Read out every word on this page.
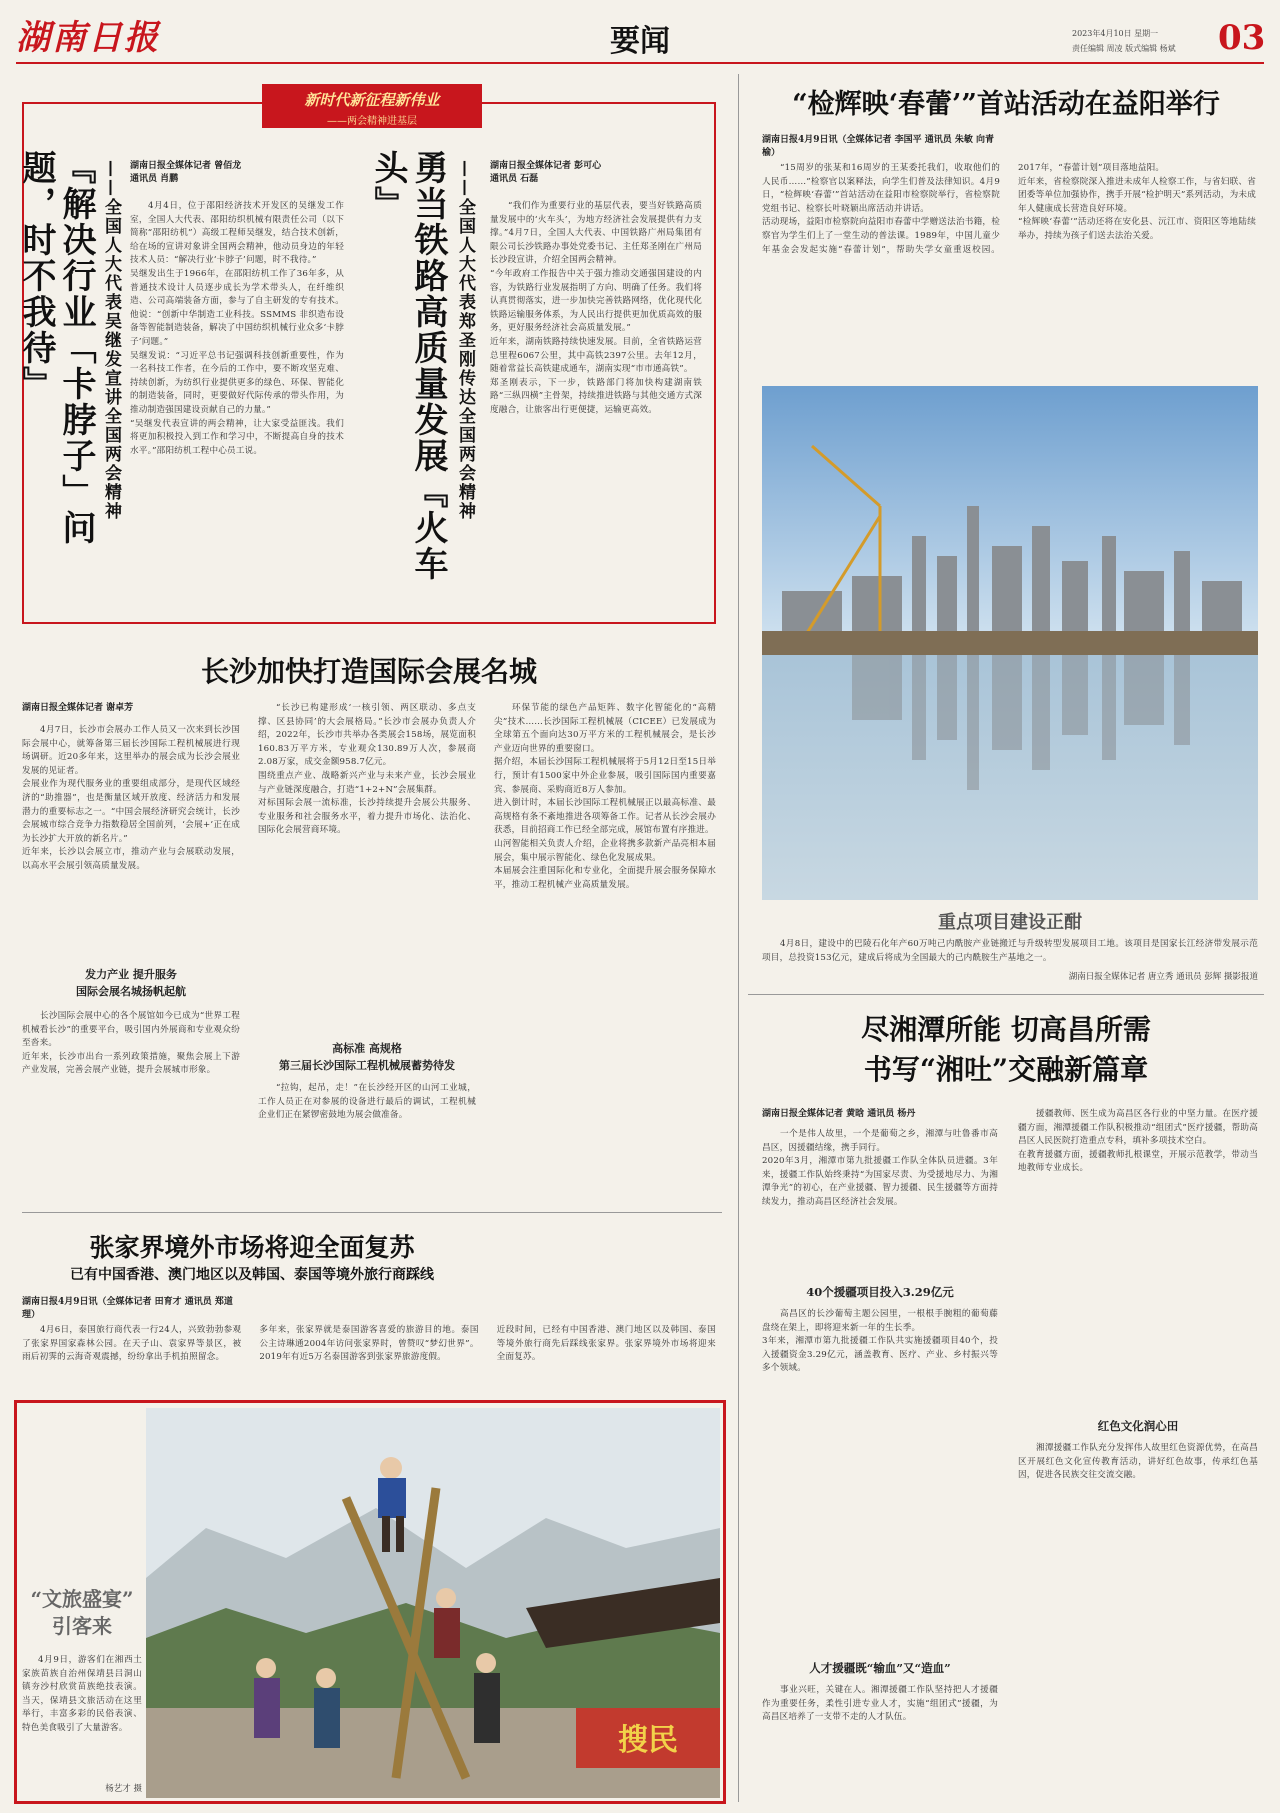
湖南日报	要闻	2023年4月10日 星期一
责任编辑 周凌 版式编辑 杨斌	03
新时代新征程新伟业
——两会精神进基层
『解决行业「卡脖子」问题，时不我待』	——全国人大代表吴继发宣讲全国两会精神 湖南日报全媒体记者 曾佰龙
通讯员 肖鹏
4月4日，位于邵阳经济技术开发区的吴继发工作室，全国人大代表、邵阳纺织机械有限责任公司（以下简称“邵阳纺机”）高级工程师吴继发，结合技术创新，给在场的宣讲对象讲全国两会精神，他动员身边的年轻技术人员：“解决行业‘卡脖子’问题，时不我待。”
吴继发出生于1966年，在邵阳纺机工作了36年多，从普通技术设计人员逐步成长为学术带头人，在纤维织造、公司高端装备方面，参与了自主研发的专有技术。他说：“创新中华制造工业科技。SSMMS 非织造布设备等智能制造装备，解决了中国纺织机械行业众多‘卡脖子’问题。”
吴继发说：“习近平总书记强调科技创新重要性，作为一名科技工作者，在今后的工作中，要不断攻坚克难、持续创新，为纺织行业提供更多的绿色、环保、智能化的制造装备，同时，更要做好代际传承的带头作用，为推动制造强国建设贡献自己的力量。”
“吴继发代表宣讲的两会精神，让大家受益匪浅。我们将更加积极投入到工作和学习中，不断提高自身的技术水平。”邵阳纺机工程中心员工说。	勇当铁路高质量发展『火车头』	——全国人大代表郑圣刚传达全国两会精神 湖南日报全媒体记者 彭可心
通讯员 石磊
“我们作为重要行业的基层代表，要当好铁路高质量发展中的‘火车头’，为地方经济社会发展提供有力支撑。”4月7日，全国人大代表、中国铁路广州局集团有限公司长沙铁路办事处党委书记、主任郑圣刚在广州局长沙段宣讲，介绍全国两会精神。
“今年政府工作报告中关于强力推动交通强国建设的内容，为铁路行业发展指明了方向、明确了任务。我们将认真贯彻落实，进一步加快完善铁路网络，优化现代化铁路运输服务体系，为人民出行提供更加优质高效的服务，更好服务经济社会高质量发展。”
近年来，湖南铁路持续快速发展。目前，全省铁路运营总里程6067公里，其中高铁2397公里。去年12月，随着常益长高铁建成通车，湖南实现“市市通高铁”。
郑圣刚表示，下一步，铁路部门将加快构建湖南铁路“三纵四横”主骨架，持续推进铁路与其他交通方式深度融合，让旅客出行更便捷，运输更高效。
“检辉映‘春蕾’”首站活动在益阳举行
湖南日报4月9日讯（全媒体记者 李国平 通讯员 朱敏 向青榆）
“15周岁的张某和16周岁的王某委托我们，收取他们的人民币……”检察官以案释法，向学生们普及法律知识。4月9日，“检辉映‘春蕾’”首站活动在益阳市检察院举行，省检察院党组书记、检察长叶晓颖出席活动并讲话。
活动现场，益阳市检察院向益阳市春蕾中学赠送法治书籍，检察官为学生们上了一堂生动的普法课。1989年，中国儿童少年基金会发起实施“春蕾计划”，帮助失学女童重返校园。2017年，“春蕾计划”项目落地益阳。
近年来，省检察院深入推进未成年人检察工作，与省妇联、省团委等单位加强协作，携手开展“检护明天”系列活动，为未成年人健康成长营造良好环境。
“检辉映‘春蕾’”活动还将在安化县、沅江市、资阳区等地陆续举办，持续为孩子们送去法治关爱。
重点项目建设正酣
4月8日，建设中的巴陵石化年产60万吨己内酰胺产业链搬迁与升级转型发展项目工地。该项目是国家长江经济带发展示范项目，总投资153亿元，建成后将成为全国最大的己内酰胺生产基地之一。
湖南日报全媒体记者 唐立秀 通讯员 彭辉 摄影报道
长沙加快打造国际会展名城
湖南日报全媒体记者 谢卓芳
4月7日，长沙市会展办工作人员又一次来到长沙国际会展中心，就筹备第三届长沙国际工程机械展进行现场调研。近20多年来，这里举办的展会成为长沙会展业发展的见证者。
会展业作为现代服务业的重要组成部分，是现代区域经济的“助推器”，也是衡量区域开放度、经济活力和发展潜力的重要标志之一。“中国会展经济研究会统计，长沙会展城市综合竞争力指数稳居全国前列，‘会展+’正在成为长沙扩大开放的新名片。”
近年来，长沙以会展立市，推动产业与会展联动发展，以高水平会展引领高质量发展。
发力产业 提升服务
国际会展名城扬帆起航
长沙国际会展中心的各个展馆如今已成为“世界工程机械看长沙”的重要平台，吸引国内外展商和专业观众纷至沓来。
近年来，长沙市出台一系列政策措施，聚焦会展上下游产业发展，完善会展产业链，提升会展城市形象。
“长沙已构建形成‘一核引领、两区联动、多点支撑、区县协同’的大会展格局。”长沙市会展办负责人介绍，2022年，长沙市共举办各类展会158场，展览面积160.83万平方米，专业观众130.89万人次，参展商2.08万家，成交金额958.7亿元。
围绕重点产业、战略新兴产业与未来产业，长沙会展业与产业链深度融合，打造“1+2+N”会展集群。
对标国际会展一流标准，长沙持续提升会展公共服务、专业服务和社会服务水平，着力提升市场化、法治化、国际化会展营商环境。
高标准 高规格
第三届长沙国际工程机械展蓄势待发
“拉钩，起吊，走！”在长沙经开区的山河工业城，工作人员正在对参展的设备进行最后的调试，工程机械企业们正在紧锣密鼓地为展会做准备。
环保节能的绿色产品矩阵、数字化智能化的“高精尖”技术……长沙国际工程机械展（CICEE）已发展成为全球第五个面向达30万平方米的工程机械展会，是长沙产业迈向世界的重要窗口。
据介绍，本届长沙国际工程机械展将于5月12日至15日举行，预计有1500家中外企业参展，吸引国际国内重要嘉宾、参展商、采购商近8万人参加。
进入倒计时，本届长沙国际工程机械展正以最高标准、最高规格有条不紊地推进各项筹备工作。记者从长沙会展办获悉，目前招商工作已经全部完成，展馆布置有序推进。
山河智能相关负责人介绍，企业将携多款新产品亮相本届展会，集中展示智能化、绿色化发展成果。
本届展会注重国际化和专业化，全面提升展会服务保障水平，推动工程机械产业高质量发展。
张家界境外市场将迎全面复苏
已有中国香港、澳门地区以及韩国、泰国等境外旅行商踩线
湖南日报4月9日讯（全媒体记者 田育才 通讯员 郑道理）
4月6日，泰国旅行商代表一行24人，兴致勃勃参观了张家界国家森林公园。在天子山、袁家界等景区，被雨后初霁的云海奇观震撼，纷纷拿出手机拍照留念。
多年来，张家界就是泰国游客喜爱的旅游目的地。泰国公主诗琳通2004年访问张家界时，曾赞叹“梦幻世界”。2019年有近5万名泰国游客到张家界旅游度假。
近段时间，已经有中国香港、澳门地区以及韩国、泰国等境外旅行商先后踩线张家界。张家界境外市场将迎来全面复苏。
搜民
“文旅盛宴”
引客来
4月9日，游客们在湘西土家族苗族自治州保靖县吕洞山镇夯沙村欣赏苗族绝技表演。当天，保靖县文旅活动在这里举行，丰富多彩的民俗表演、特色美食吸引了大量游客。
杨艺才 摄
尽湘潭所能 切高昌所需
书写“湘吐”交融新篇章
湖南日报全媒体记者 黄晗 通讯员 杨丹
一个是伟人故里，一个是葡萄之乡，湘潭与吐鲁番市高昌区，因援疆结缘，携手同行。
2020年3月，湘潭市第九批援疆工作队全体队员进疆。3年来，援疆工作队始终秉持“为国家尽责、为受援地尽力、为湘潭争光”的初心，在产业援疆、智力援疆、民生援疆等方面持续发力，推动高昌区经济社会发展。
40个援疆项目投入3.29亿元
高昌区的长沙葡萄主题公园里，一根根手腕粗的葡萄藤盘绕在架上，即将迎来新一年的生长季。
3年来，湘潭市第九批援疆工作队共实施援疆项目40个，投入援疆资金3.29亿元，涵盖教育、医疗、产业、乡村振兴等多个领域。
人才援疆既“输血”又“造血”
事业兴旺，关键在人。湘潭援疆工作队坚持把人才援疆作为重要任务，柔性引进专业人才，实施“组团式”援疆，为高昌区培养了一支带不走的人才队伍。
援疆教师、医生成为高昌区各行业的中坚力量。在医疗援疆方面，湘潭援疆工作队积极推动“组团式”医疗援疆，帮助高昌区人民医院打造重点专科，填补多项技术空白。
在教育援疆方面，援疆教师扎根课堂，开展示范教学，带动当地教师专业成长。
红色文化润心田
湘潭援疆工作队充分发挥伟人故里红色资源优势，在高昌区开展红色文化宣传教育活动，讲好红色故事，传承红色基因，促进各民族交往交流交融。
